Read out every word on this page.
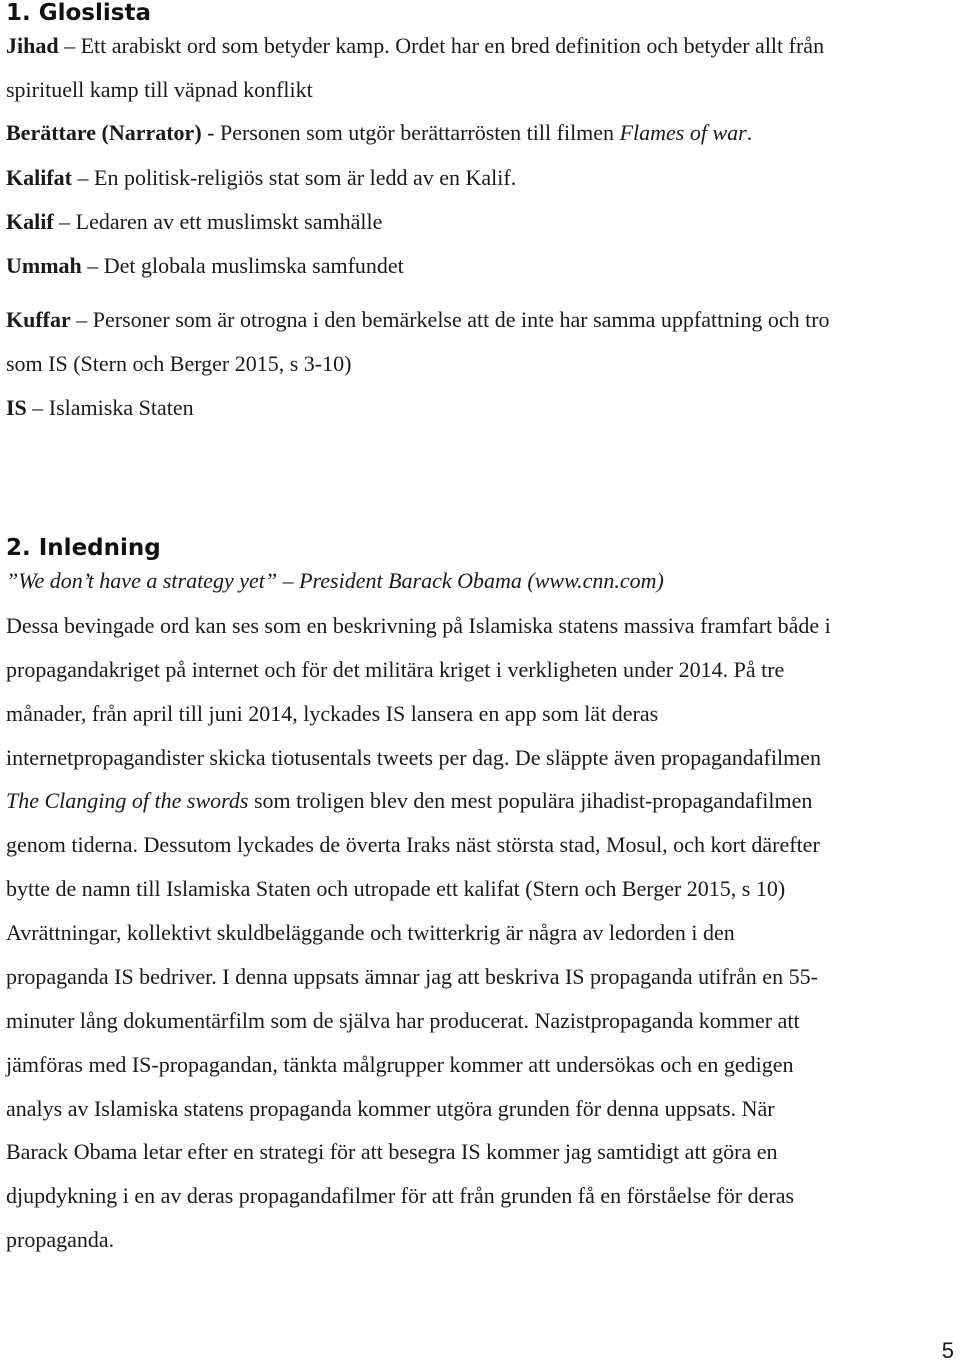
1. Gloslista
Jihad – Ett arabiskt ord som betyder kamp. Ordet har en bred definition och betyder allt från
spirituell kamp till väpnad konflikt
Berättare (Narrator) - Personen som utgör berättarrösten till filmen Flames of war.
Kalifat – En politisk-religiös stat som är ledd av en Kalif.
Kalif – Ledaren av ett muslimskt samhälle
Ummah – Det globala muslimska samfundet
Kuffar – Personer som är otrogna i den bemärkelse att de inte har samma uppfattning och tro
som IS (Stern och Berger 2015, s 3-10)
IS – Islamiska Staten
2. Inledning
”We don’t have a strategy yet” – President Barack Obama (www.cnn.com)
Dessa bevingade ord kan ses som en beskrivning på Islamiska statens massiva framfart både i
propagandakriget på internet och för det militära kriget i verkligheten under 2014. På tre
månader, från april till juni 2014, lyckades IS lansera en app som lät deras
internetpropagandister skicka tiotusentals tweets per dag. De släppte även propagandafilmen
The Clanging of the swords som troligen blev den mest populära jihadist-propagandafilmen
genom tiderna. Dessutom lyckades de överta Iraks näst största stad, Mosul, och kort därefter
bytte de namn till Islamiska Staten och utropade ett kalifat (Stern och Berger 2015, s 10)
Avrättningar, kollektivt skuldbeläggande och twitterkrig är några av ledorden i den
propaganda IS bedriver. I denna uppsats ämnar jag att beskriva IS propaganda utifrån en 55-
minuter lång dokumentärfilm som de själva har producerat. Nazistpropaganda kommer att
jämföras med IS-propagandan, tänkta målgrupper kommer att undersökas och en gedigen
analys av Islamiska statens propaganda kommer utgöra grunden för denna uppsats. När
Barack Obama letar efter en strategi för att besegra IS kommer jag samtidigt att göra en
djupdykning i en av deras propagandafilmer för att från grunden få en förståelse för deras
propaganda.
5
